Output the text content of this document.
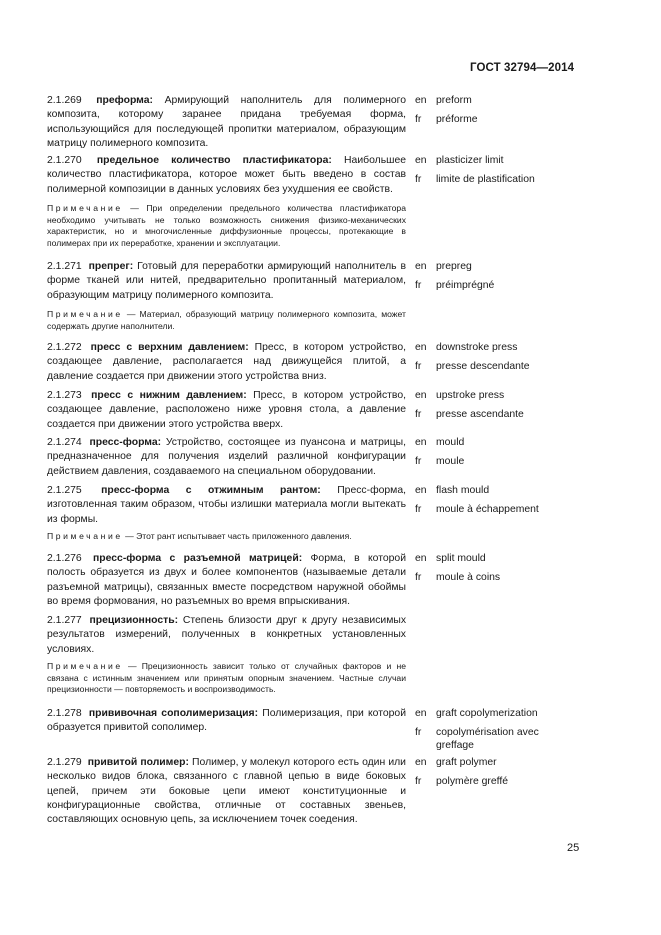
ГОСТ 32794—2014
2.1.269 преформа: Армирующий наполнитель для полимерного композита, которому заранее придана требуемая форма, использующийся для последующей пропитки материалом, образующим матрицу полимерного композита.
en preform
fr	préforme
2.1.270 предельное количество пластификатора: Наибольшее количество пластификатора, которое может быть введено в состав полимерной композиции в данных условиях без ухудшения ее свойств.
en plasticizer limit
fr	limite de plastification
Примечание — При определении предельного количества пластификатора необходимо учитывать не только возможность снижения физико-механических характеристик, но и многочисленные диффузионные процессы, протекающие в полимерах при их переработке, хранении и эксплуатации.
2.1.271 препрег: Готовый для переработки армирующий наполнитель в форме тканей или нитей, предварительно пропитанный материалом, образующим матрицу полимерного композита.
en prepreg
fr	préimprégné
Примечание — Материал, образующий матрицу полимерного композита, может содержать другие наполнители.
2.1.272 пресс с верхним давлением: Пресс, в котором устройство, создающее давление, располагается над движущейся плитой, а давление создается при движении этого устройства вниз.
en downstroke press
fr	presse descendante
2.1.273 пресс с нижним давлением: Пресс, в котором устройство, создающее давление, расположено ниже уровня стола, а давление создается при движении этого устройства вверх.
en upstroke press
fr	presse ascendante
2.1.274 пресс-форма: Устройство, состоящее из пуансона и матрицы, предназначенное для получения изделий различной конфигурации действием давления, создаваемого на специальном оборудовании.
en mould
fr	moule
2.1.275 пресс-форма с отжимным рантом: Пресс-форма, изготовленная таким образом, чтобы излишки материала могли вытекать из формы.
en flash mould
fr	moule à échappement
Примечание — Этот рант испытывает часть приложенного давления.
2.1.276 пресс-форма с разъемной матрицей: Форма, в которой полость образуется из двух и более компонентов (называемые детали разъемной матрицы), связанных вместе посредством наружной обоймы во время формования, но разъемных во время впрыскивания.
en split mould
fr	moule à coins
2.1.277 прецизионность: Степень близости друг к другу независимых результатов измерений, полученных в конкретных установленных условиях.
Примечание — Прецизионность зависит только от случайных факторов и не связана с истинным значением или принятым опорным значением. Частные случаи прецизионности — повторяемость и воспроизводимость.
2.1.278 прививочная сополимеризация: Полимеризация, при которой образуется привитой сополимер.
en graft copolymerization
fr	copolymérisation avec greffage
2.1.279 привитой полимер: Полимер, у молекул которого есть один или несколько видов блока, связанного с главной цепью в виде боковых цепей, причем эти боковые цепи имеют конституционные и конфигурационные свойства, отличные от составных звеньев, составляющих основную цепь, за исключением точек соедения.
en graft polymer
fr	polymère greffé
25
